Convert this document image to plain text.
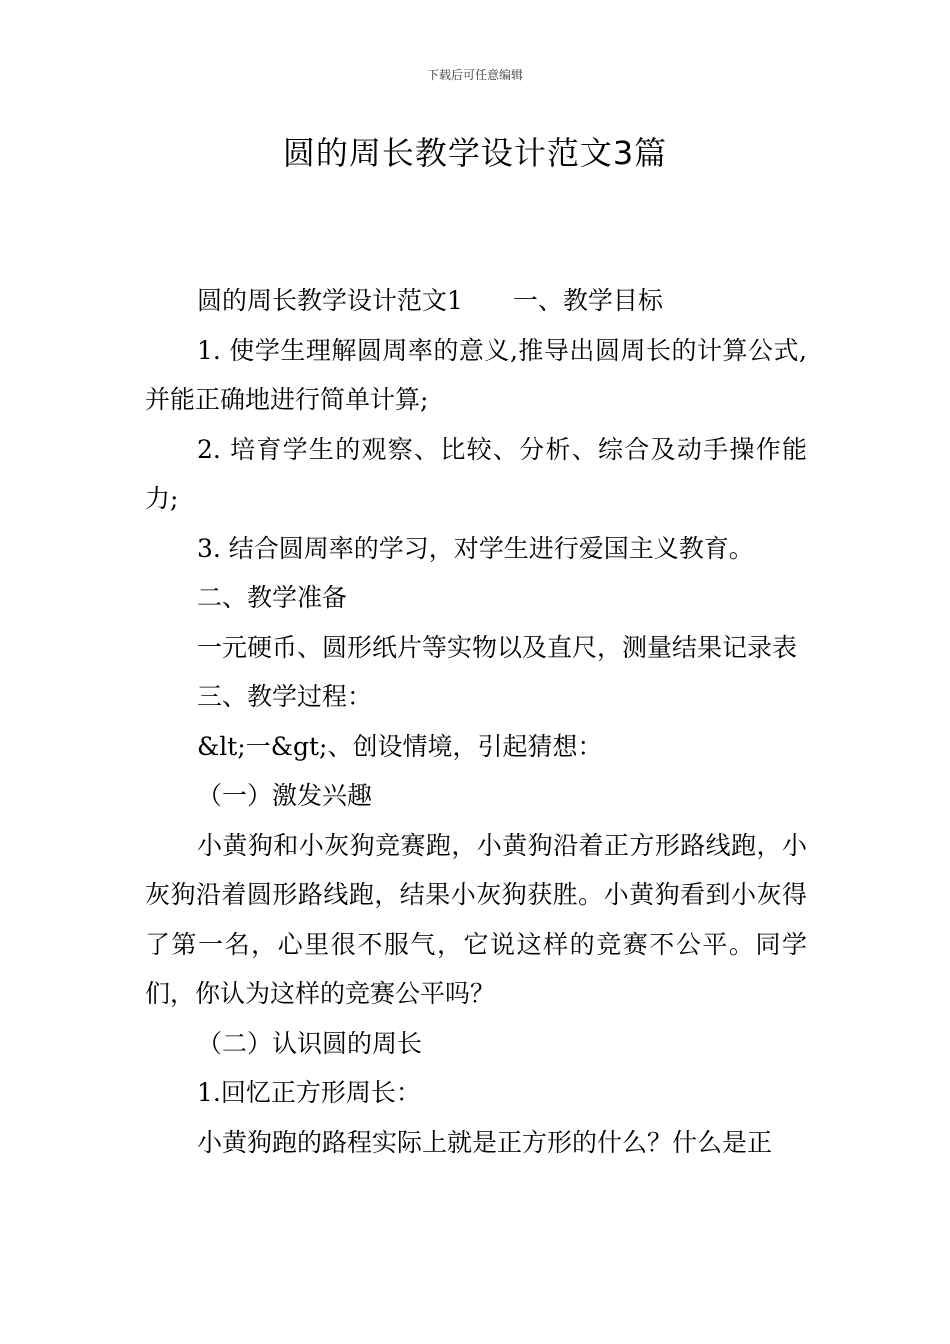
下载后可任意编辑
圆的周长教学设计范文3篇

圆的周长教学设计范文1 一、教学目标

1. 使学生理解圆周率的意义,推导出圆周长的计算公式,并能正确地进行简单计算;

2. 培育学生的观察、比较、分析、综合及动手操作能力;

3. 结合圆周率的学习，对学生进行爱国主义教育。

二、教学准备

一元硬币、圆形纸片等实物以及直尺，测量结果记录表

三、教学过程：

&lt;一&gt;、创设情境，引起猜想：

（一）激发兴趣

小黄狗和小灰狗竞赛跑，小黄狗沿着正方形路线跑，小灰狗沿着圆形路线跑，结果小灰狗获胜。小黄狗看到小灰得了第一名，心里很不服气，它说这样的竞赛不公平。同学们，你认为这样的竞赛公平吗？

（二）认识圆的周长

1.回忆正方形周长：

小黄狗跑的路程实际上就是正方形的什么？什么是正
